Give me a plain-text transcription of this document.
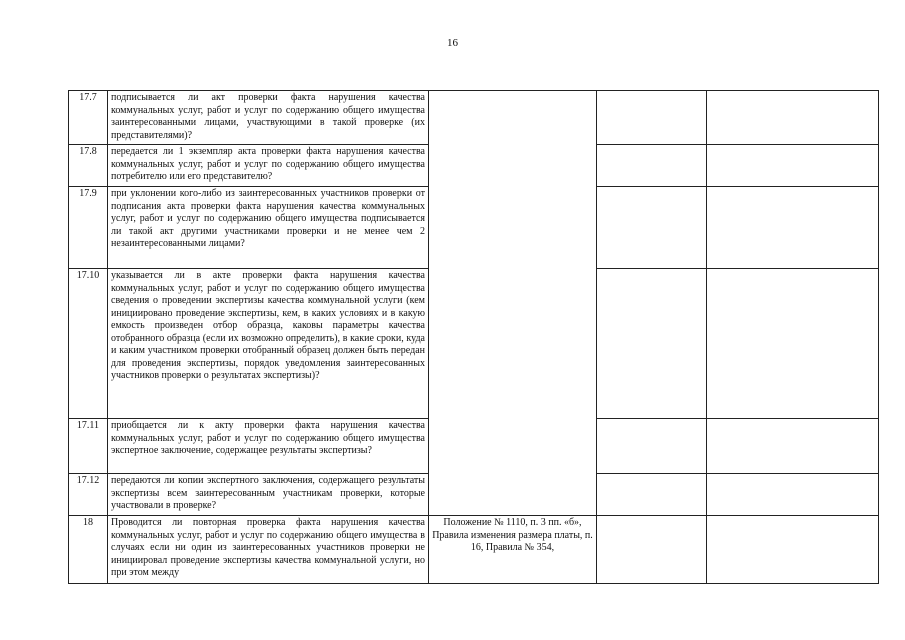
16
17.7	подписывается ли акт проверки факта нарушения качества коммунальных услуг, работ и услуг по содержанию общего имущества заинтересованными лицами, участвующими в такой проверке (их представителями)?			
17.8	передается ли 1 экземпляр акта проверки факта нарушения качества коммунальных услуг, работ и услуг по содержанию общего имущества потребителю или его представителю?			
17.9	при уклонении кого-либо из заинтересованных участников проверки от подписания акта проверки факта нарушения качества коммунальных услуг, работ и услуг по содержанию общего имущества подписывается ли такой акт другими участниками проверки и не менее чем 2 незаинтересованными лицами?			
17.10	указывается ли в акте проверки факта нарушения качества коммунальных услуг, работ и услуг по содержанию общего имущества сведения о проведении экспертизы качества коммунальной услуги (кем инициировано проведение экспертизы, кем, в каких условиях и в какую емкость произведен отбор образца, каковы параметры качества отобранного образца (если их возможно определить), в какие сроки, куда и каким участником проверки отобранный образец должен быть передан для проведения экспертизы, порядок уведомления заинтересованных участников проверки о результатах экспертизы)?			
17.11	приобщается ли к акту проверки факта нарушения качества коммунальных услуг, работ и услуг по содержанию общего имущества экспертное заключение, содержащее результаты экспертизы?			
17.12	передаются ли копии экспертного заключения, содержащего результаты экспертизы всем заинтересованным участникам проверки, которые участвовали в проверке?			
18	Проводится ли повторная проверка факта нарушения качества коммунальных услуг, работ и услуг по содержанию общего имущества в случаях если ни один из заинтересованных участников проверки не инициировал проведение экспертизы качества коммунальной услуги, но при этом между	Положение № 1110, п. 3 пп. «б», Правила изменения размера платы, п. 16, Правила № 354,		
